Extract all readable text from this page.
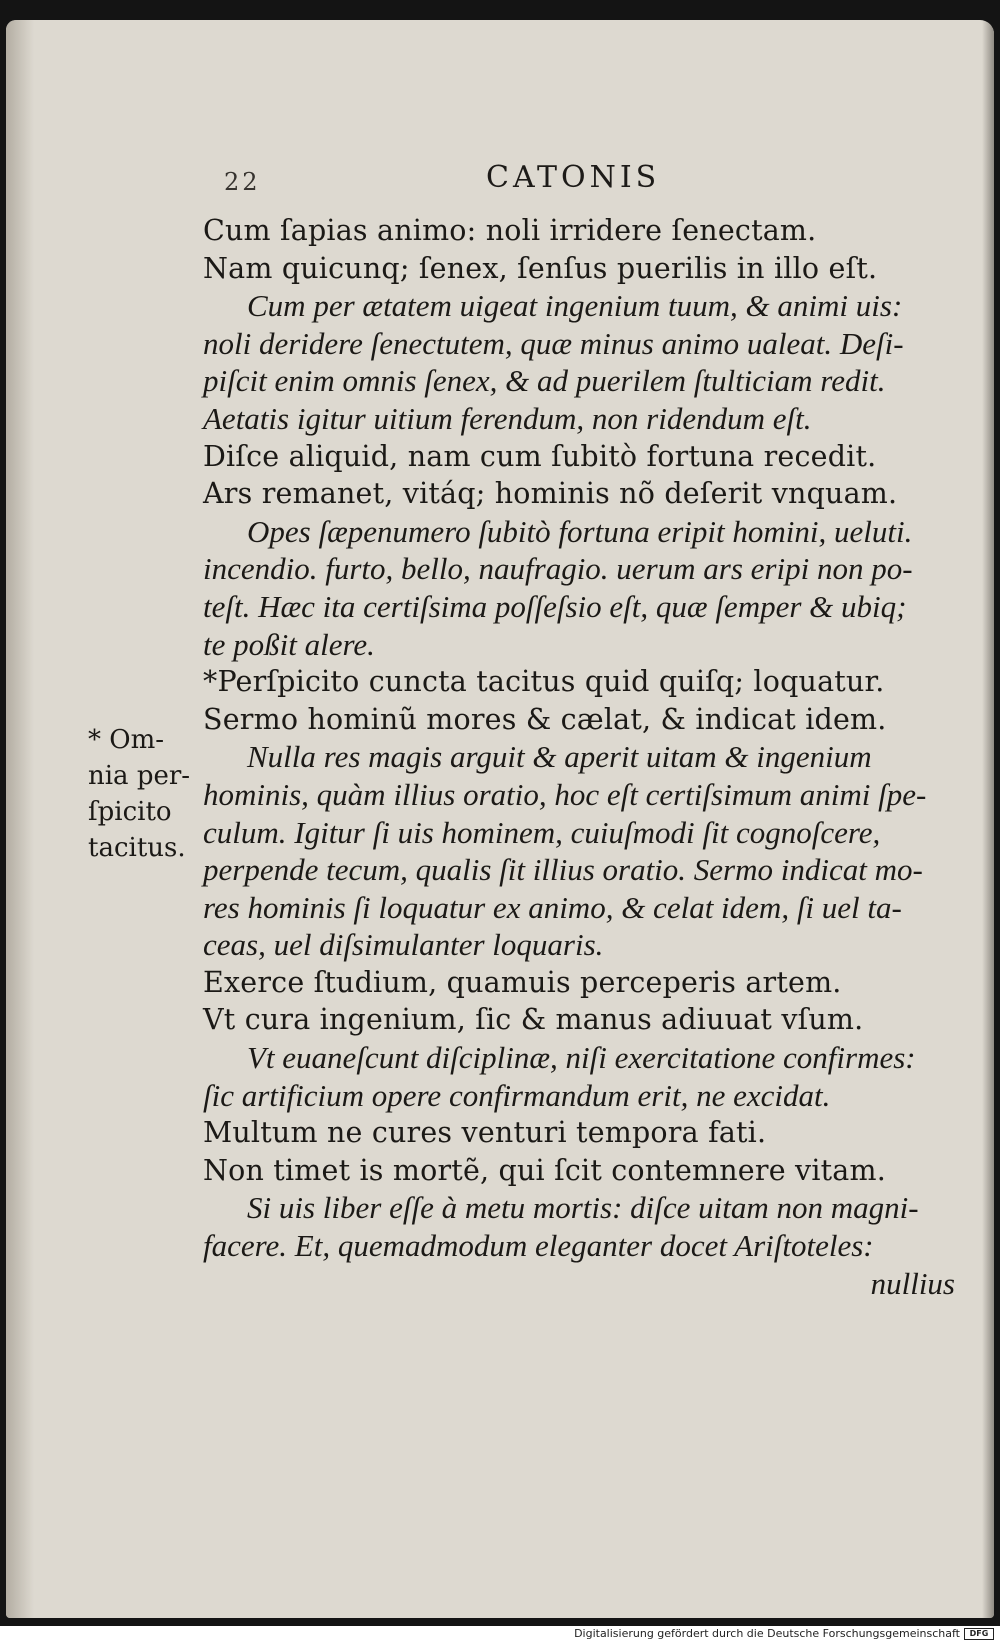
22	CATONIS
Cum ſapias animo: noli irridere ſenectam.
Nam quicunq; ſenex, ſenſus puerilis in illo eſt.
Cum per ætatem uigeat ingenium tuum, & animi uis:
noli deridere ſenectutem, quæ minus animo ualeat. Deſi-
piſcit enim omnis ſenex, & ad puerilem ſtulticiam redit.
Aetatis igitur uitium ferendum, non ridendum eſt.
Diſce aliquid, nam cum ſubitò fortuna recedit.
Ars remanet, vitáq; hominis nõ deſerit vnquam.
Opes ſæpenumero ſubitò fortuna eripit homini, ueluti.
incendio. furto, bello, naufragio. uerum ars eripi non po-
teſt. Hæc ita certiſsima poſſeſsio eſt, quæ ſemper & ubiq;
te poßit alere.
*Perſpicito cuncta tacitus quid quiſq; loquatur.
Sermo hominũ mores & cælat, & indicat idem.
Nulla res magis arguit & aperit uitam & ingenium
hominis, quàm illius oratio, hoc eſt certiſsimum animi ſpe-
culum. Igitur ſi uis hominem, cuiuſmodi ſit cognoſcere,
perpende tecum, qualis ſit illius oratio. Sermo indicat mo-
res hominis ſi loquatur ex animo, & celat idem, ſi uel ta-
ceas, uel diſsimulanter loquaris.
Exerce ſtudium, quamuis perceperis artem.
Vt cura ingenium, ſic & manus adiuuat vſum.
Vt euaneſcunt diſciplinæ, niſi exercitatione confirmes:
ſic artificium opere confirmandum erit, ne excidat.
Multum ne cures venturi tempora fati.
Non timet is mortẽ, qui ſcit contemnere vitam.
Si uis liber eſſe à metu mortis: diſce uitam non magni-
facere. Et, quemadmodum eleganter docet Ariſtoteles:
nullius
* Om-
nia per-
ſpicito
tacitus.
Digitalisierung gefördert durch die Deutsche Forschungsgemeinschaft	DFG
